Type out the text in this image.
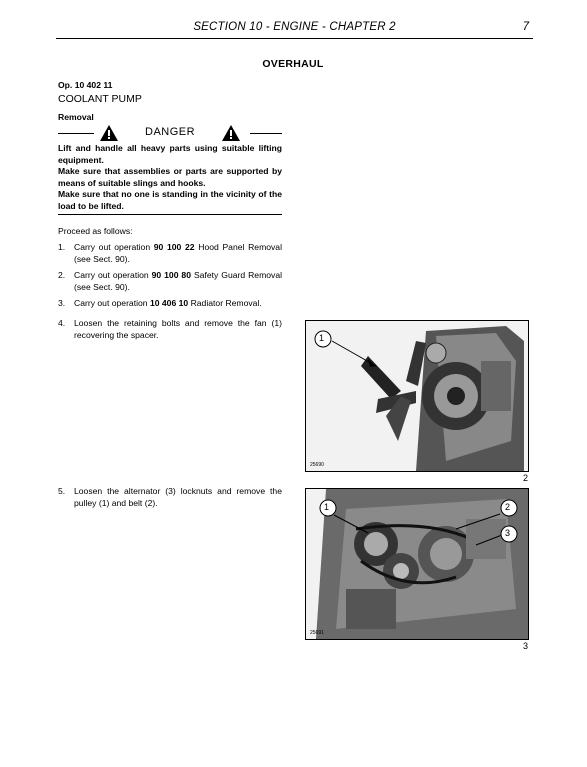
SECTION 10 - ENGINE - CHAPTER 2	7
OVERHAUL
Op. 10 402 11
COOLANT PUMP
Removal
DANGER
Lift and handle all heavy parts using suitable lifting equipment.
Make sure that assemblies or parts are supported by means of suitable slings and hooks.
Make sure that no one is standing in the vicinity of the load to be lifted.
Proceed as follows:
1. Carry out operation 90 100 22 Hood Panel Removal (see Sect. 90).
2. Carry out operation 90 100 80 Safety Guard Removal (see Sect. 90).
3. Carry out operation 10 406 10 Radiator Removal.
4. Loosen the retaining bolts and remove the fan (1) recovering the spacer.
5. Loosen the alternator (3) locknuts and remove the pulley (1) and belt (2).
1
25690
2
1	2
3
25691
3
